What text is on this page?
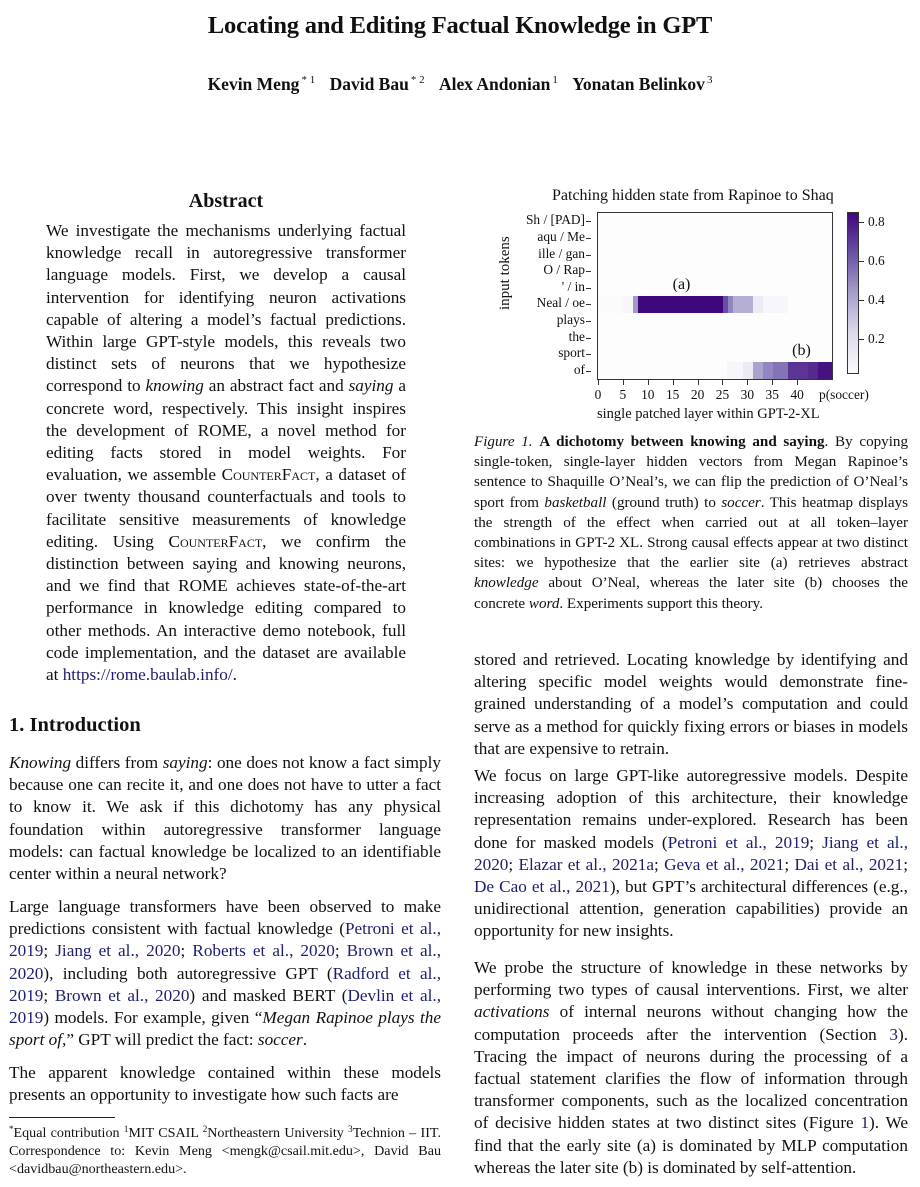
Locating and Editing Factual Knowledge in GPT
Kevin Meng $^{* 1}$ David Bau $^{* 2}$ Alex Andonian $^1$ Yonatan Belinkov $^3$
Abstract

We investigate the mechanisms underlying factual knowledge recall in autoregressive transformer language models. First, we develop a causal intervention for identifying neuron activations capable of altering a model’s factual predictions. Within large GPT-style models, this reveals two distinct sets of neurons that we hypothesize correspond to knowing an abstract fact and saying a concrete word, respectively. This insight inspires the development of ROME, a novel method for editing facts stored in model weights. For evaluation, we assemble CounterFact, a dataset of over twenty thousand counterfactuals and tools to facilitate sensitive measurements of knowledge editing. Using CounterFact, we confirm the distinction between saying and knowing neurons, and we find that ROME achieves state-of-the-art performance in knowledge editing compared to other methods. An interactive demo notebook, full code implementation, and the dataset are available at https://rome.baulab.info/.

1. Introduction

Knowing differs from saying: one does not know a fact simply because one can recite it, and one does not have to utter a fact to know it. We ask if this dichotomy has any physical foundation within autoregressive transformer language models: can factual knowledge be localized to an identifiable center within a neural network?

Large language transformers have been observed to make predictions consistent with factual knowledge (Petroni et al., 2019; Jiang et al., 2020; Roberts et al., 2020; Brown et al., 2020), including both autoregressive GPT (Radford et al., 2019; Brown et al., 2020) and masked BERT (Devlin et al., 2019) models. For example, given “Megan Rapinoe plays the sport of,” GPT will predict the fact: soccer.

The apparent knowledge contained within these models presents an opportunity to investigate how such facts are

*Equal contribution $^1$MIT CSAIL $^2$Northeastern University $^3$Technion – IIT. Correspondence to: Kevin Meng <mengk@csail.mit.edu>, David Bau <davidbau@northeastern.edu>.
Patching hidden state from Rapinoe to Shaq
input tokens
Sh / [PAD]
aqu / Me
ille / gan
O / Rap
' / in
Neal / oe
plays
the
sport
of
(a)
(b)
0 5 10 15 20 25 30 35 40
single patched layer within GPT-2-XL
0.2
0.4
0.6
0.8
p(soccer)

Figure 1. A dichotomy between knowing and saying. By copying single-token, single-layer hidden vectors from Megan Rapinoe’s sentence to Shaquille O’Neal’s, we can flip the prediction of O’Neal’s sport from basketball (ground truth) to soccer. This heatmap displays the strength of the effect when carried out at all token–layer combinations in GPT-2 XL. Strong causal effects appear at two distinct sites: we hypothesize that the earlier site (a) retrieves abstract knowledge about O’Neal, whereas the later site (b) chooses the concrete word. Experiments support this theory.

stored and retrieved. Locating knowledge by identifying and altering specific model weights would demonstrate fine-grained understanding of a model’s computation and could serve as a method for quickly fixing errors or biases in models that are expensive to retrain.

We focus on large GPT-like autoregressive models. Despite increasing adoption of this architecture, their knowledge representation remains under-explored. Research has been done for masked models (Petroni et al., 2019; Jiang et al., 2020; Elazar et al., 2021a; Geva et al., 2021; Dai et al., 2021; De Cao et al., 2021), but GPT’s architectural differences (e.g., unidirectional attention, generation capabilities) provide an opportunity for new insights.

We probe the structure of knowledge in these networks by performing two types of causal interventions. First, we alter activations of internal neurons without changing how the computation proceeds after the intervention (Section 3). Tracing the impact of neurons during the processing of a factual statement clarifies the flow of information through transformer components, such as the localized concentration of decisive hidden states at two distinct sites (Figure 1). We find that the early site (a) is dominated by MLP computation whereas the later site (b) is dominated by self-attention.
